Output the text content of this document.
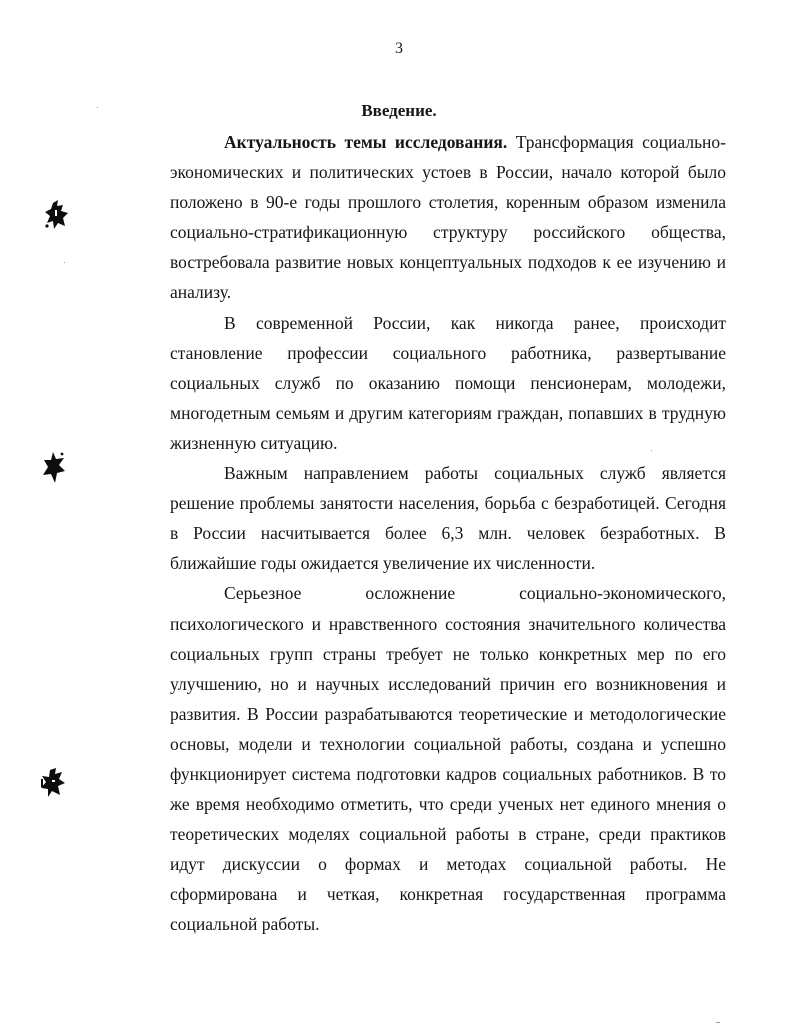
3
Введение.

Актуальность темы исследования. Трансформация социально-экономических и политических устоев в России, начало которой было положено в 90-е годы прошлого столетия, коренным образом изменила социально-стратификационную структуру российского общества, востребовала развитие новых концептуальных подходов к ее изучению и анализу.

В современной России, как никогда ранее, происходит становление профессии социального работника, развертывание социальных служб по оказанию помощи пенсионерам, молодежи, многодетным семьям и другим категориям граждан, попавших в трудную жизненную ситуацию.

Важным направлением работы социальных служб является решение проблемы занятости населения, борьба с безработицей. Сегодня в России насчитывается более 6,3 млн. человек безработных. В ближайшие годы ожидается увеличение их численности.

Серьезное осложнение социально-экономического, психологического и нравственного состояния значительного количества социальных групп страны требует не только конкретных мер по его улучшению, но и научных исследований причин его возникновения и развития. В России разрабатываются теоретические и методологические основы, модели и технологии социальной работы, создана и успешно функционирует система подготовки кадров социальных работников. В то же время необходимо отметить, что среди ученых нет единого мнения о теоретических моделях социальной работы в стране, среди практиков идут дискуссии о формах и методах социальной работы. Не сформирована и четкая, конкретная государственная программа социальной работы.
